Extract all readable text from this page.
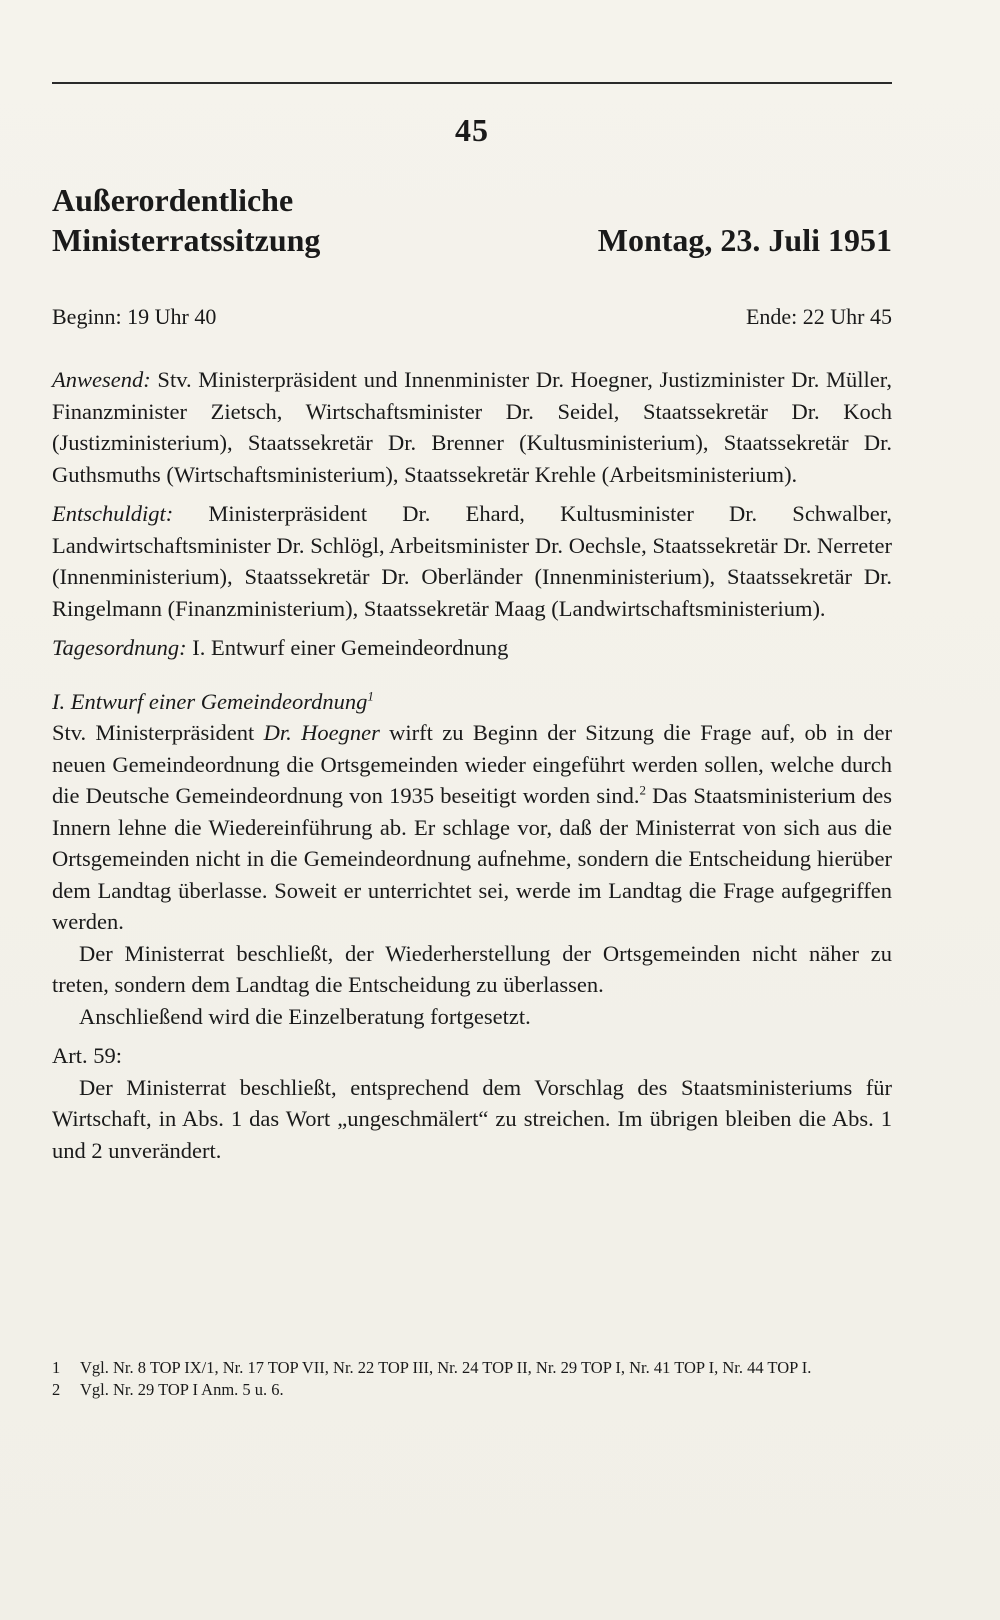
45
Außerordentliche
Ministerratssitzung	Montag, 23. Juli 1951
Beginn: 19 Uhr 40	Ende: 22 Uhr 45

Anwesend: Stv. Ministerpräsident und Innenminister Dr. Hoegner, Justizminister Dr. Müller, Finanzminister Zietsch, Wirtschaftsminister Dr. Seidel, Staatssekretär Dr. Koch (Justizministerium), Staatssekretär Dr. Brenner (Kultusministerium), Staatssekretär Dr. Guthsmuths (Wirtschaftsministerium), Staatssekretär Krehle (Arbeitsministerium).

Entschuldigt: Ministerpräsident Dr. Ehard, Kultusminister Dr. Schwalber, Landwirtschaftsminister Dr. Schlögl, Arbeitsminister Dr. Oechsle, Staatssekretär Dr. Nerreter (Innenministerium), Staatssekretär Dr. Oberländer (Innenministerium), Staatssekretär Dr. Ringelmann (Finanzministerium), Staatssekretär Maag (Landwirtschaftsministerium).

Tagesordnung: I. Entwurf einer Gemeindeordnung

I. Entwurf einer Gemeindeordnung$^1$

Stv. Ministerpräsident Dr. Hoegner wirft zu Beginn der Sitzung die Frage auf, ob in der neuen Gemeindeordnung die Ortsgemeinden wieder eingeführt werden sollen, welche durch die Deutsche Gemeindeordnung von 1935 beseitigt worden sind.$^2$ Das Staatsministerium des Innern lehne die Wiedereinführung ab. Er schlage vor, daß der Ministerrat von sich aus die Ortsgemeinden nicht in die Gemeindeordnung aufnehme, sondern die Entscheidung hierüber dem Landtag überlasse. Soweit er unterrichtet sei, werde im Landtag die Frage aufgegriffen werden.

Der Ministerrat beschließt, der Wiederherstellung der Ortsgemeinden nicht näher zu treten, sondern dem Landtag die Entscheidung zu überlassen.

Anschließend wird die Einzelberatung fortgesetzt.

Art. 59:

Der Ministerrat beschließt, entsprechend dem Vorschlag des Staatsministeriums für Wirtschaft, in Abs. 1 das Wort „ungeschmälert“ zu streichen. Im übrigen bleiben die Abs. 1 und 2 unverändert.

1 Vgl. Nr. 8 TOP IX/1, Nr. 17 TOP VII, Nr. 22 TOP III, Nr. 24 TOP II, Nr. 29 TOP I, Nr. 41 TOP I, Nr. 44 TOP I.
2 Vgl. Nr. 29 TOP I Anm. 5 u. 6.
